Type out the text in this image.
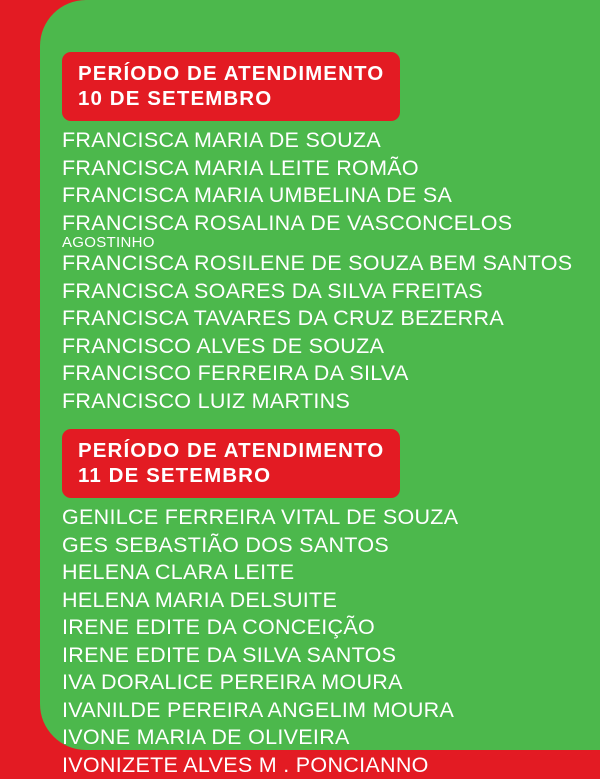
PERÍODO DE ATENDIMENTO
10 DE SETEMBRO
FRANCISCA MARIA DE SOUZA
FRANCISCA MARIA LEITE ROMÃO
FRANCISCA MARIA UMBELINA DE SA
FRANCISCA ROSALINA DE VASCONCELOS
AGOSTINHO
FRANCISCA ROSILENE DE SOUZA BEM SANTOS
FRANCISCA SOARES DA SILVA FREITAS
FRANCISCA TAVARES DA CRUZ BEZERRA
FRANCISCO ALVES DE SOUZA
FRANCISCO FERREIRA DA SILVA
FRANCISCO LUIZ MARTINS
PERÍODO DE ATENDIMENTO
11 DE SETEMBRO
GENILCE FERREIRA VITAL DE SOUZA
GES SEBASTIÃO DOS SANTOS
HELENA CLARA LEITE
HELENA MARIA DELSUITE
IRENE EDITE DA CONCEIÇÃO
IRENE EDITE DA SILVA SANTOS
IVA DORALICE PEREIRA MOURA
IVANILDE PEREIRA ANGELIM MOURA
IVONE MARIA DE OLIVEIRA
IVONIZETE ALVES M . PONCIANNO
